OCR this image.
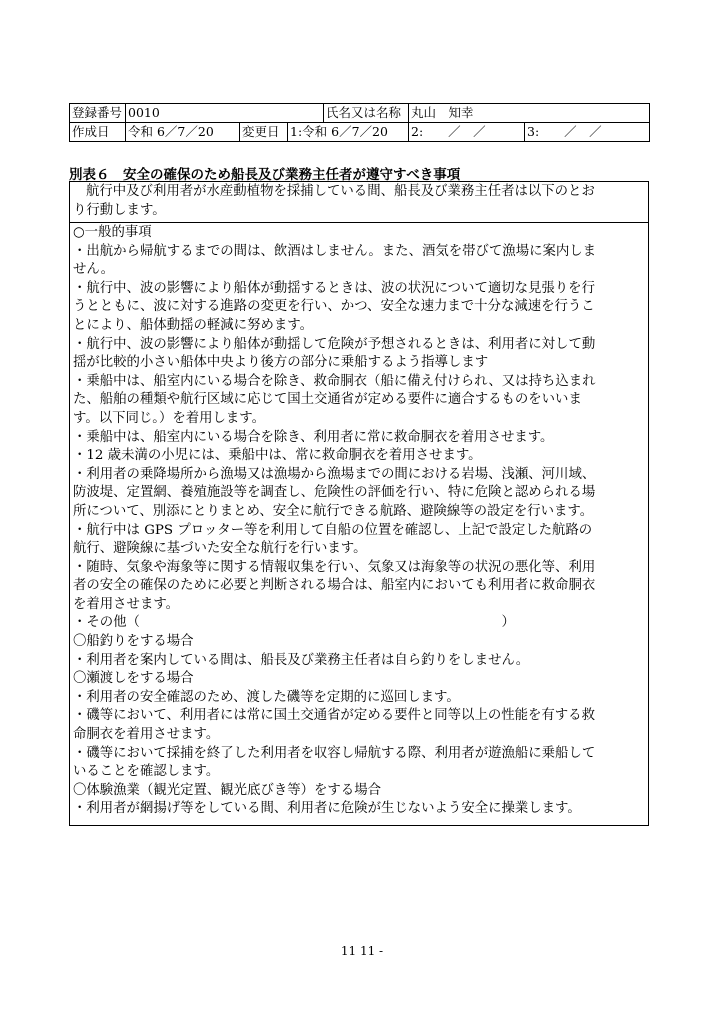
登録番号	0010			氏名又は名称	丸山　知幸	
作成日	令和 6／7／20	変更日	1:令和 6／7／20		2:　　／　／	3:　　／　／
別表６　安全の確保のため船長及び業務主任者が遵守すべき事項
航行中及び利用者が水産動植物を採捕している間、船長及び業務主任者は以下のとお
り行動します。
○一般的事項
・出航から帰航するまでの間は、飲酒はしません。また、酒気を帯びて漁場に案内しま
せん。
・航行中、波の影響により船体が動揺するときは、波の状況について適切な見張りを行
うとともに、波に対する進路の変更を行い、かつ、安全な速力まで十分な減速を行うこ
とにより、船体動揺の軽減に努めます。
・航行中、波の影響により船体が動揺して危険が予想されるときは、利用者に対して動
揺が比較的小さい船体中央より後方の部分に乗船するよう指導します
・乗船中は、船室内にいる場合を除き、救命胴衣（船に備え付けられ、又は持ち込まれ
た、船舶の種類や航行区域に応じて国土交通省が定める要件に適合するものをいいま
す。以下同じ。）を着用します。
・乗船中は、船室内にいる場合を除き、利用者に常に救命胴衣を着用させます。
・12 歳未満の小児には、乗船中は、常に救命胴衣を着用させます。
・利用者の乗降場所から漁場又は漁場から漁場までの間における岩場、浅瀬、河川域、
防波堤、定置網、養殖施設等を調査し、危険性の評価を行い、特に危険と認められる場
所について、別添にとりまとめ、安全に航行できる航路、避険線等の設定を行います。
・航行中は GPS プロッター等を利用して自船の位置を確認し、上記で設定した航路の
航行、避険線に基づいた安全な航行を行います。
・随時、気象や海象等に関する情報収集を行い、気象又は海象等の状況の悪化等、利用
者の安全の確保のために必要と判断される場合は、船室内においても利用者に救命胴衣
を着用させます。
・その他（　　　　　　　　　　　　　　　　　　　　　　　　　　　）
〇船釣りをする場合
・利用者を案内している間は、船長及び業務主任者は自ら釣りをしません。
〇瀬渡しをする場合
・利用者の安全確認のため、渡した磯等を定期的に巡回します。
・磯等において、利用者には常に国土交通省が定める要件と同等以上の性能を有する救
命胴衣を着用させます。
・磯等において採捕を終了した利用者を収容し帰航する際、利用者が遊漁船に乗船して
いることを確認します。
〇体験漁業（観光定置、観光底びき等）をする場合
・利用者が網揚げ等をしている間、利用者に危険が生じないよう安全に操業します。
11 11 -
